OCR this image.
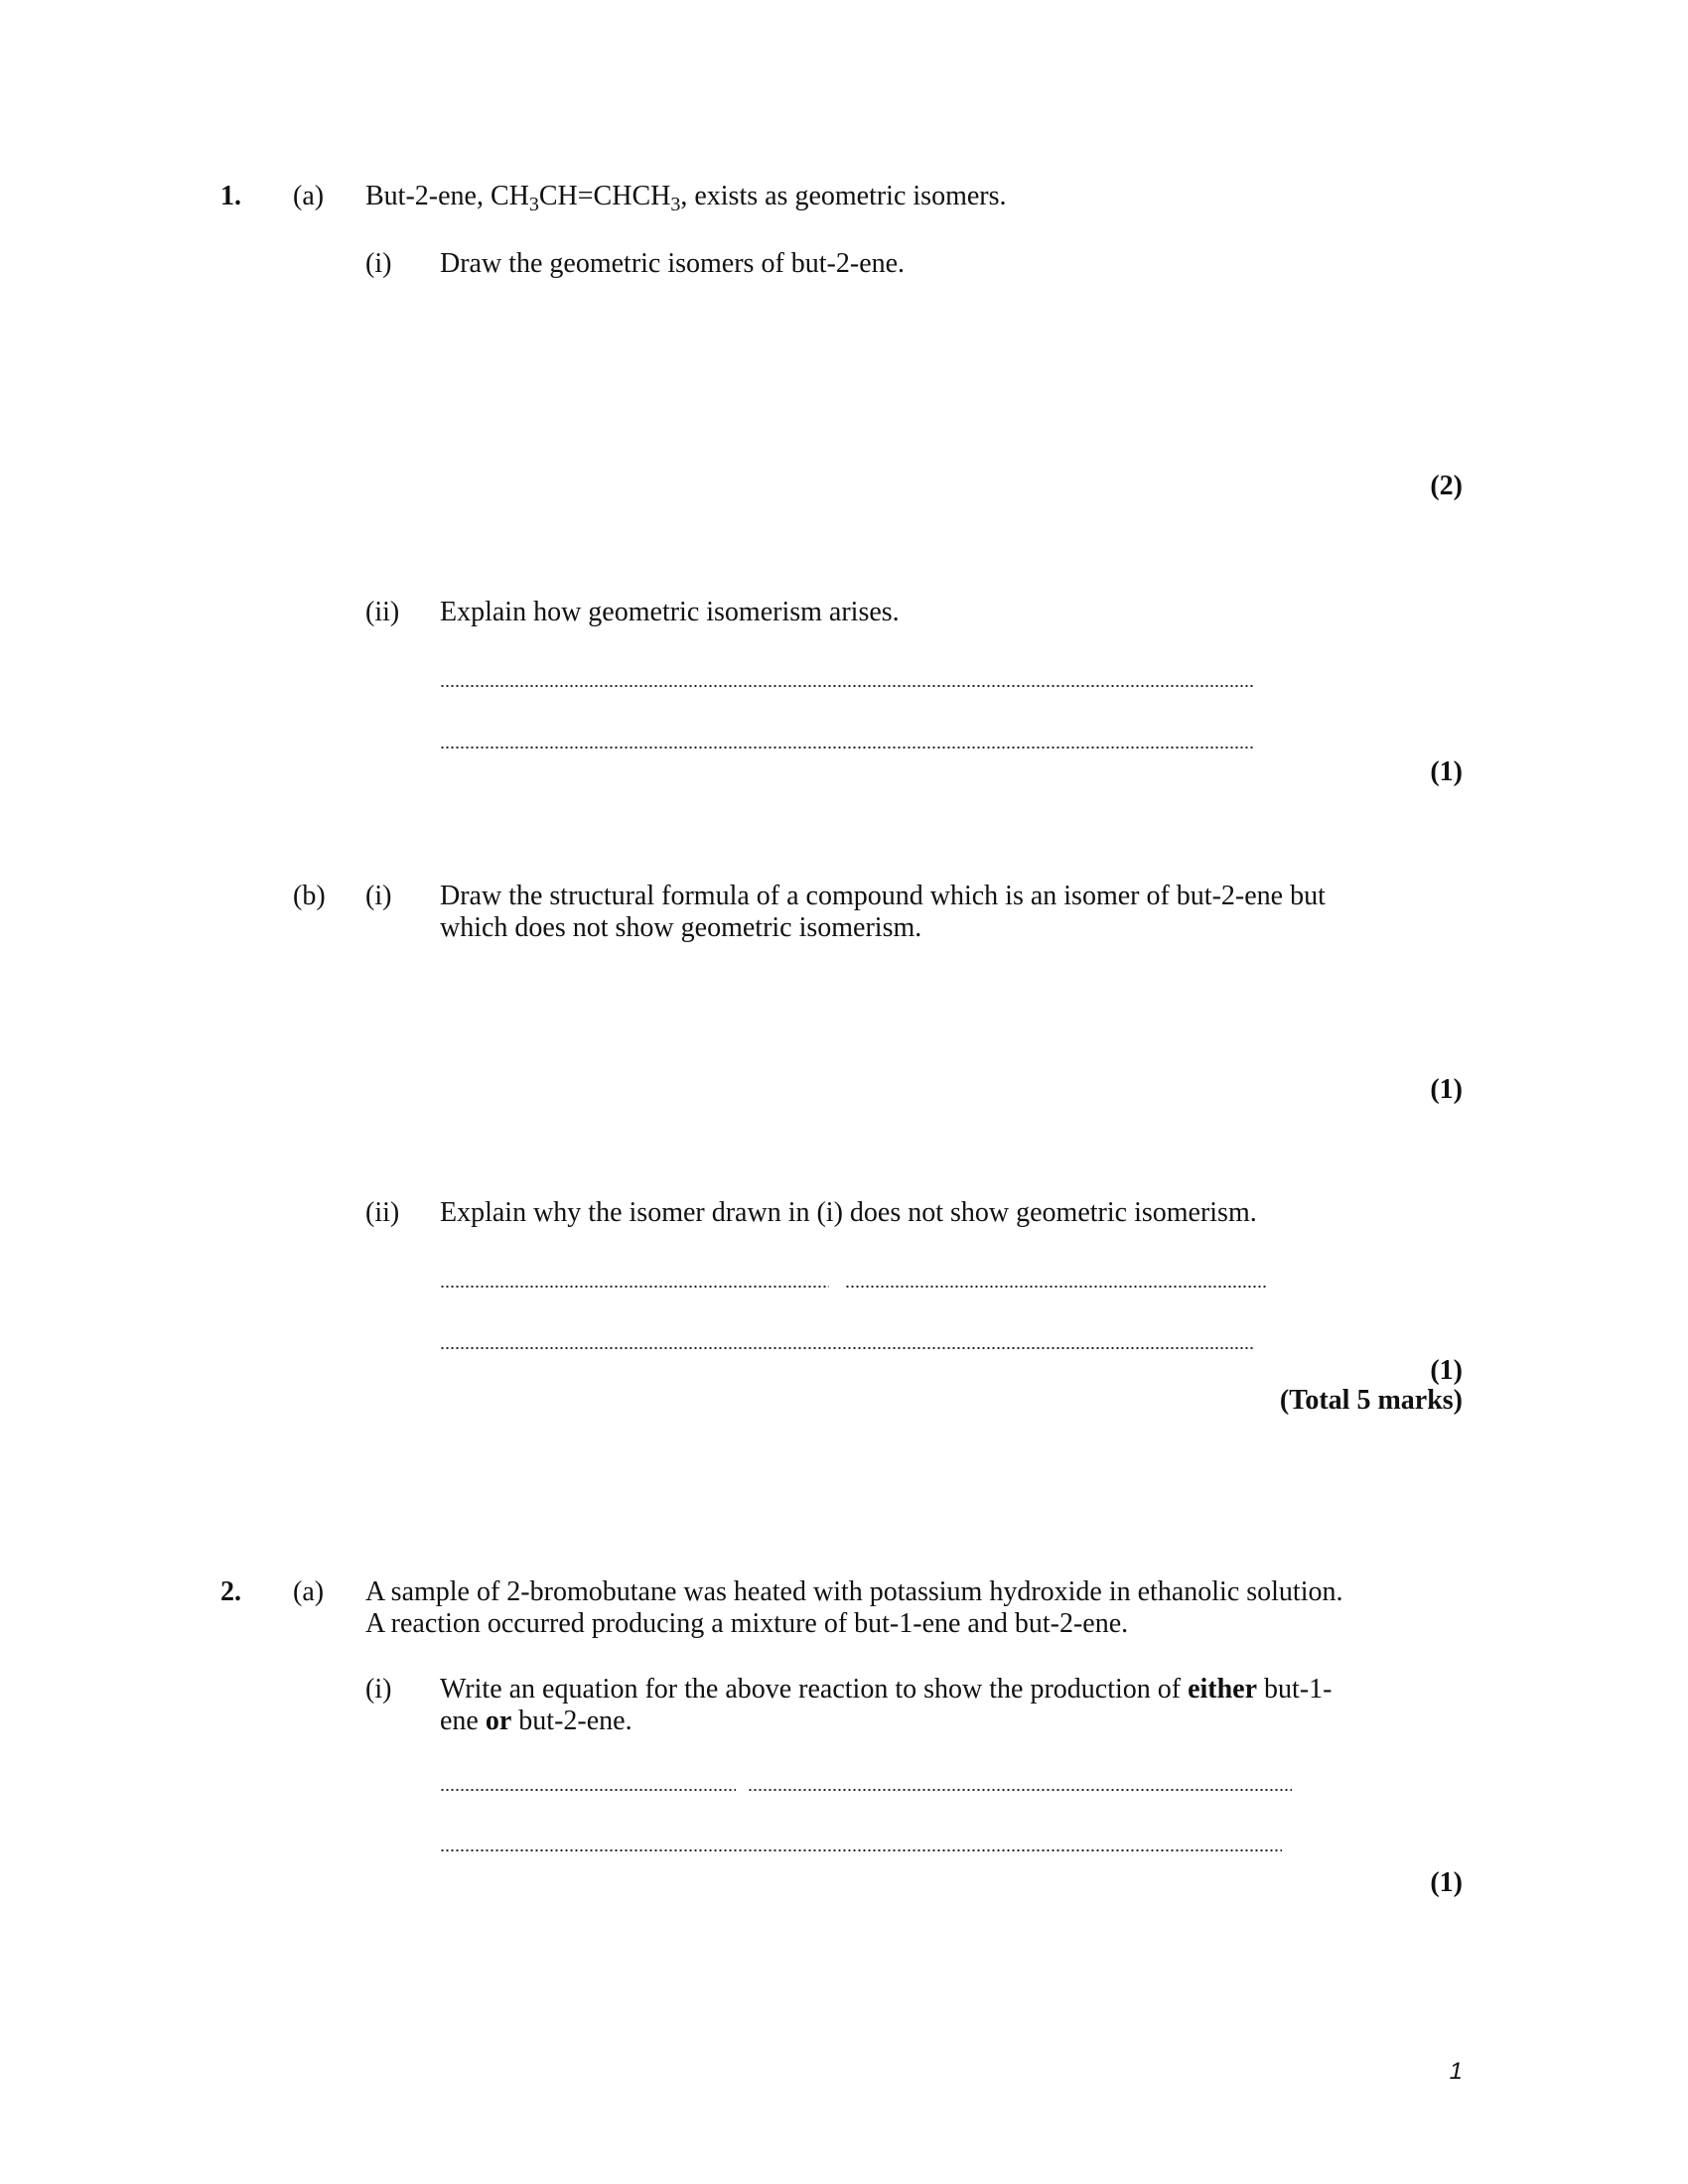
1. (a) But-2-ene, $CH_3CH=CHCH_3$, exists as geometric isomers.
(i) Draw the geometric isomers of but-2-ene.
(2)
(ii) Explain how geometric isomerism arises.
(1)
(b) (i) Draw the structural formula of a compound which is an isomer of but-2-ene but
which does not show geometric isomerism.
(1)
(ii) Explain why the isomer drawn in (i) does not show geometric isomerism.
(1)
(Total 5 marks)
2. (a) A sample of 2-bromobutane was heated with potassium hydroxide in ethanolic solution.
A reaction occurred producing a mixture of but-1-ene and but-2-ene.
(i) Write an equation for the above reaction to show the production of either but-1-
ene or but-2-ene.
(1)
1
